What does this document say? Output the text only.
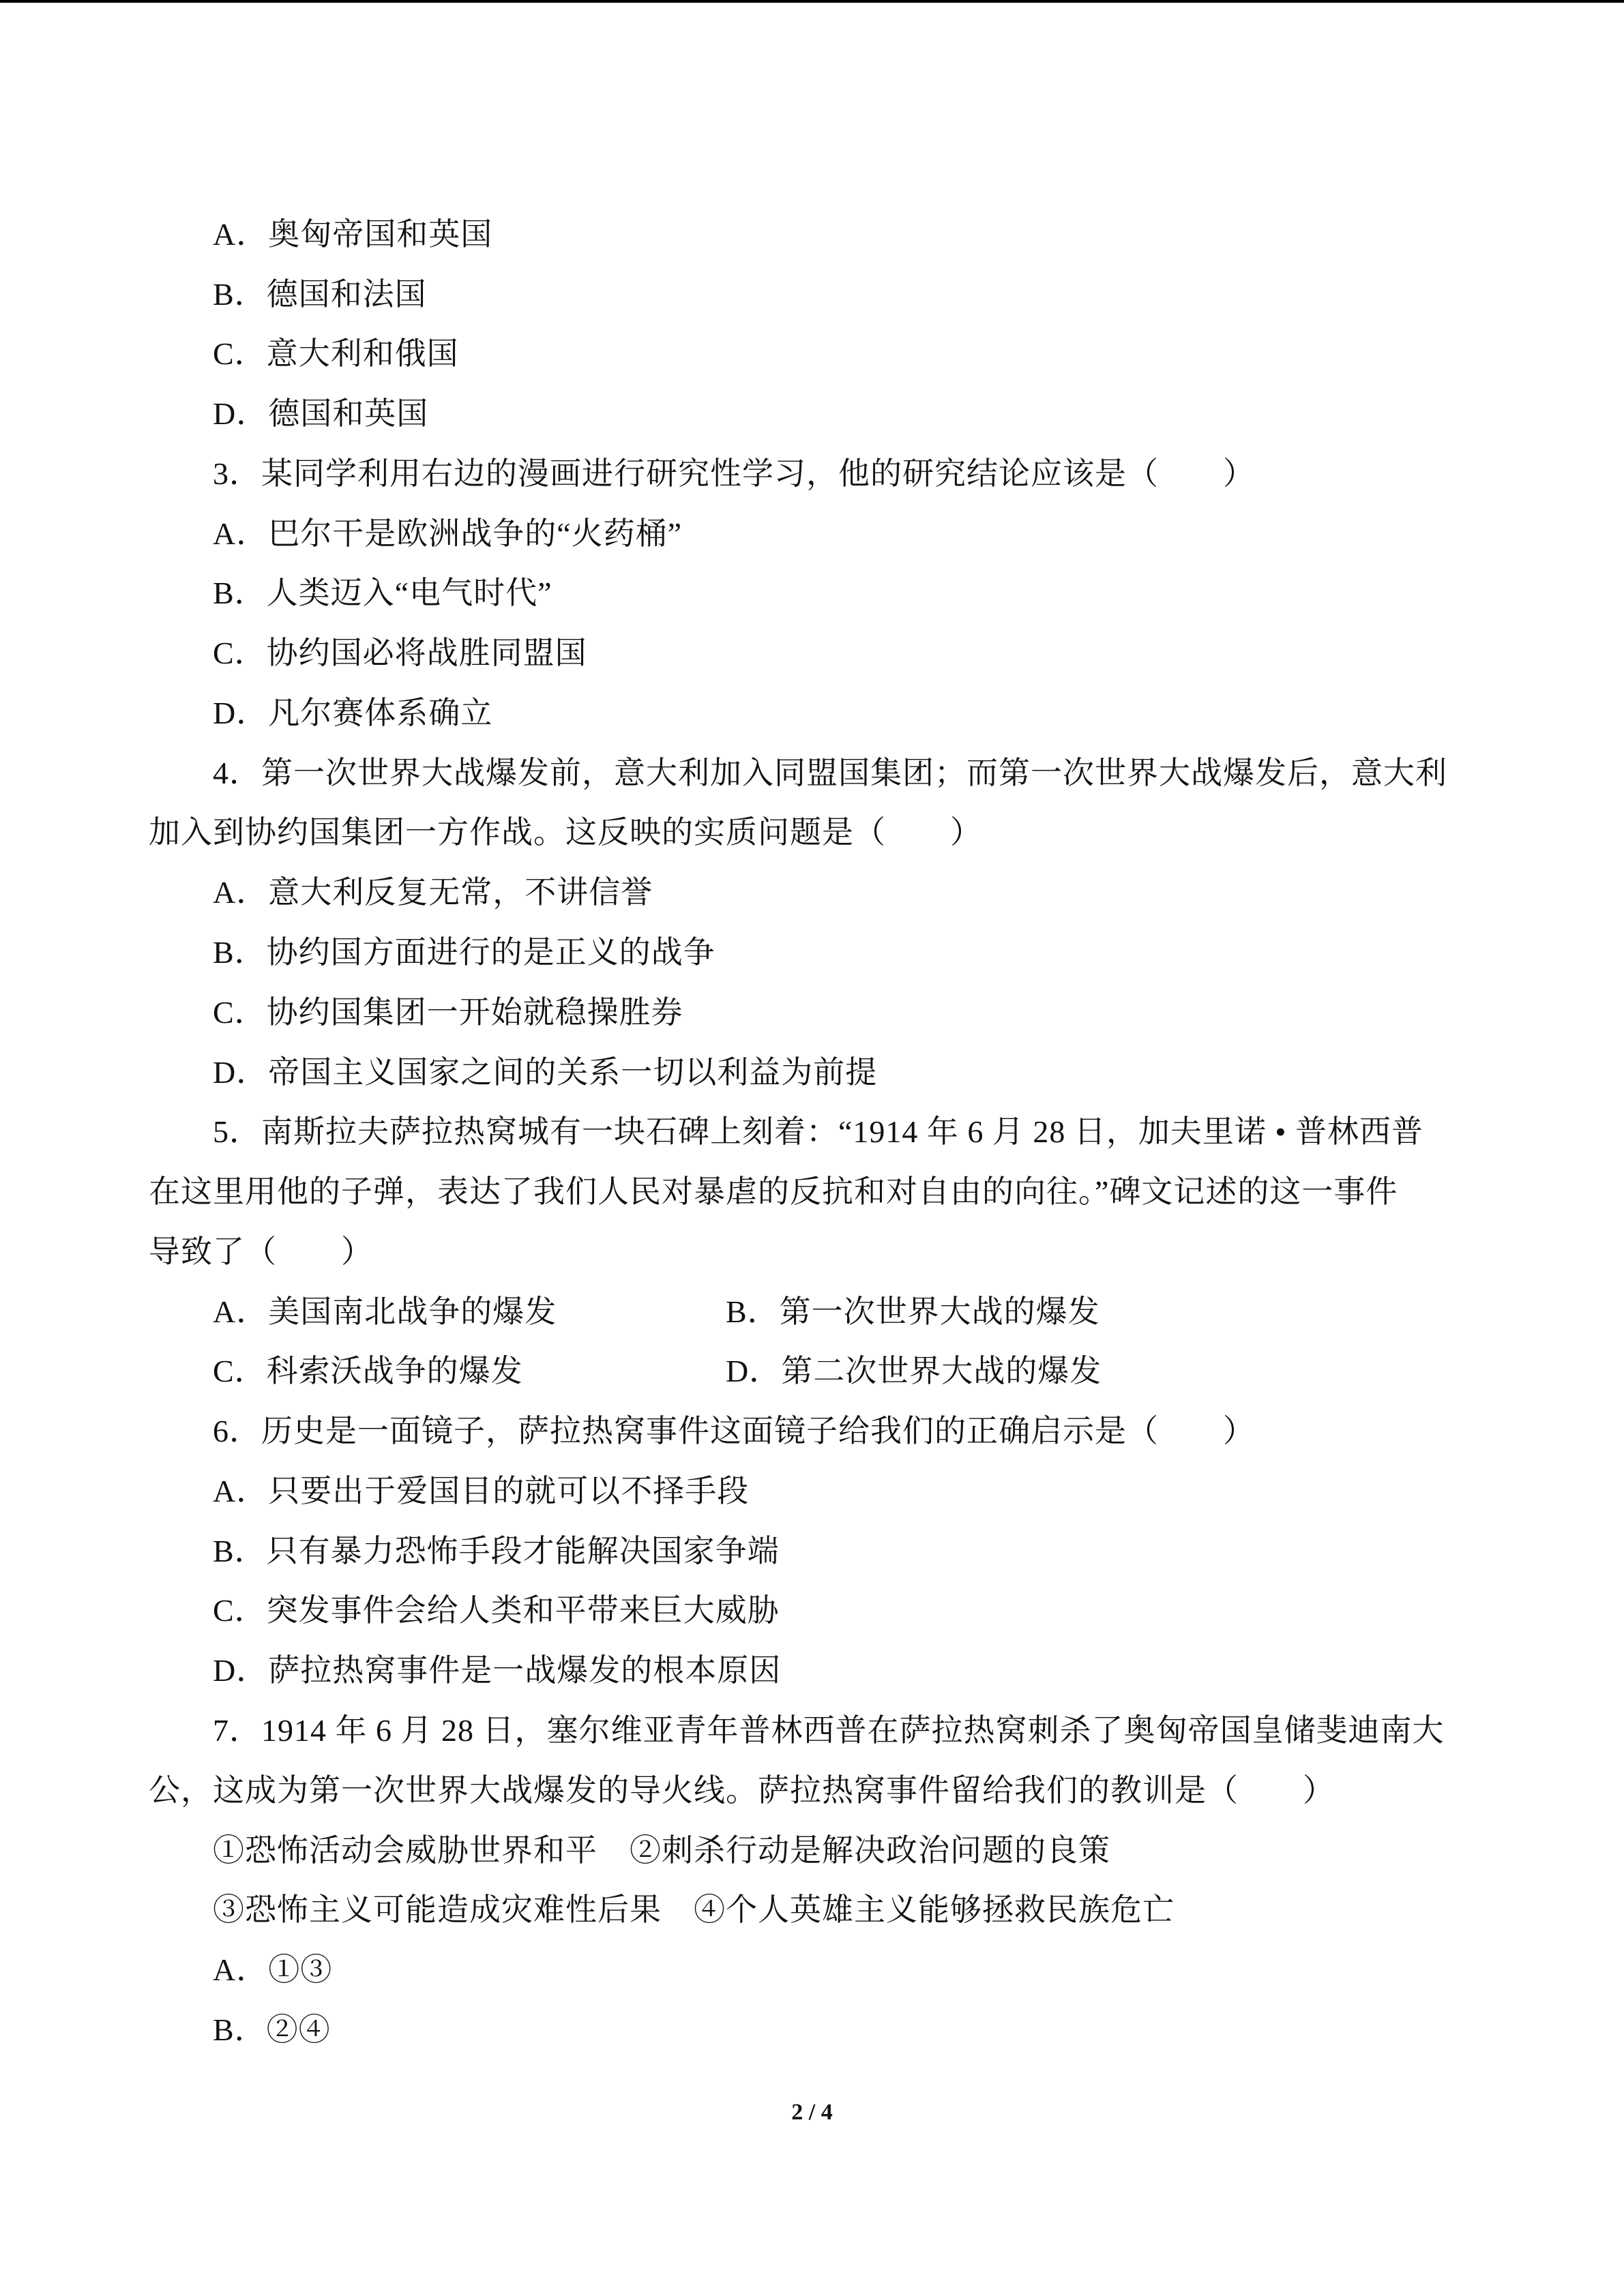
A．奥匈帝国和英国
B．德国和法国
C．意大利和俄国
D．德国和英国
3．某同学利用右边的漫画进行研究性学习，他的研究结论应该是（　　）
A．巴尔干是欧洲战争的“火药桶”
B．人类迈入“电气时代”
C．协约国必将战胜同盟国
D．凡尔赛体系确立
4．第一次世界大战爆发前，意大利加入同盟国集团；而第一次世界大战爆发后，意大利
加入到协约国集团一方作战。这反映的实质问题是（　　）
A．意大利反复无常，不讲信誉
B．协约国方面进行的是正义的战争
C．协约国集团一开始就稳操胜券
D．帝国主义国家之间的关系一切以利益为前提
5．南斯拉夫萨拉热窝城有一块石碑上刻着：“1914 年 6 月 28 日，加夫里诺 • 普林西普
在这里用他的子弹，表达了我们人民对暴虐的反抗和对自由的向往。”碑文记述的这一事件
导致了（　　）
A．美国南北战争的爆发	B．第一次世界大战的爆发
C．科索沃战争的爆发	D．第二次世界大战的爆发
6．历史是一面镜子，萨拉热窝事件这面镜子给我们的正确启示是（　　）
A．只要出于爱国目的就可以不择手段
B．只有暴力恐怖手段才能解决国家争端
C．突发事件会给人类和平带来巨大威胁
D．萨拉热窝事件是一战爆发的根本原因
7．1914 年 6 月 28 日，塞尔维亚青年普林西普在萨拉热窝刺杀了奥匈帝国皇储斐迪南大
公，这成为第一次世界大战爆发的导火线。萨拉热窝事件留给我们的教训是（　　）
①恐怖活动会威胁世界和平　②刺杀行动是解决政治问题的良策
③恐怖主义可能造成灾难性后果　④个人英雄主义能够拯救民族危亡
A．①③
B．②④
2 / 4
